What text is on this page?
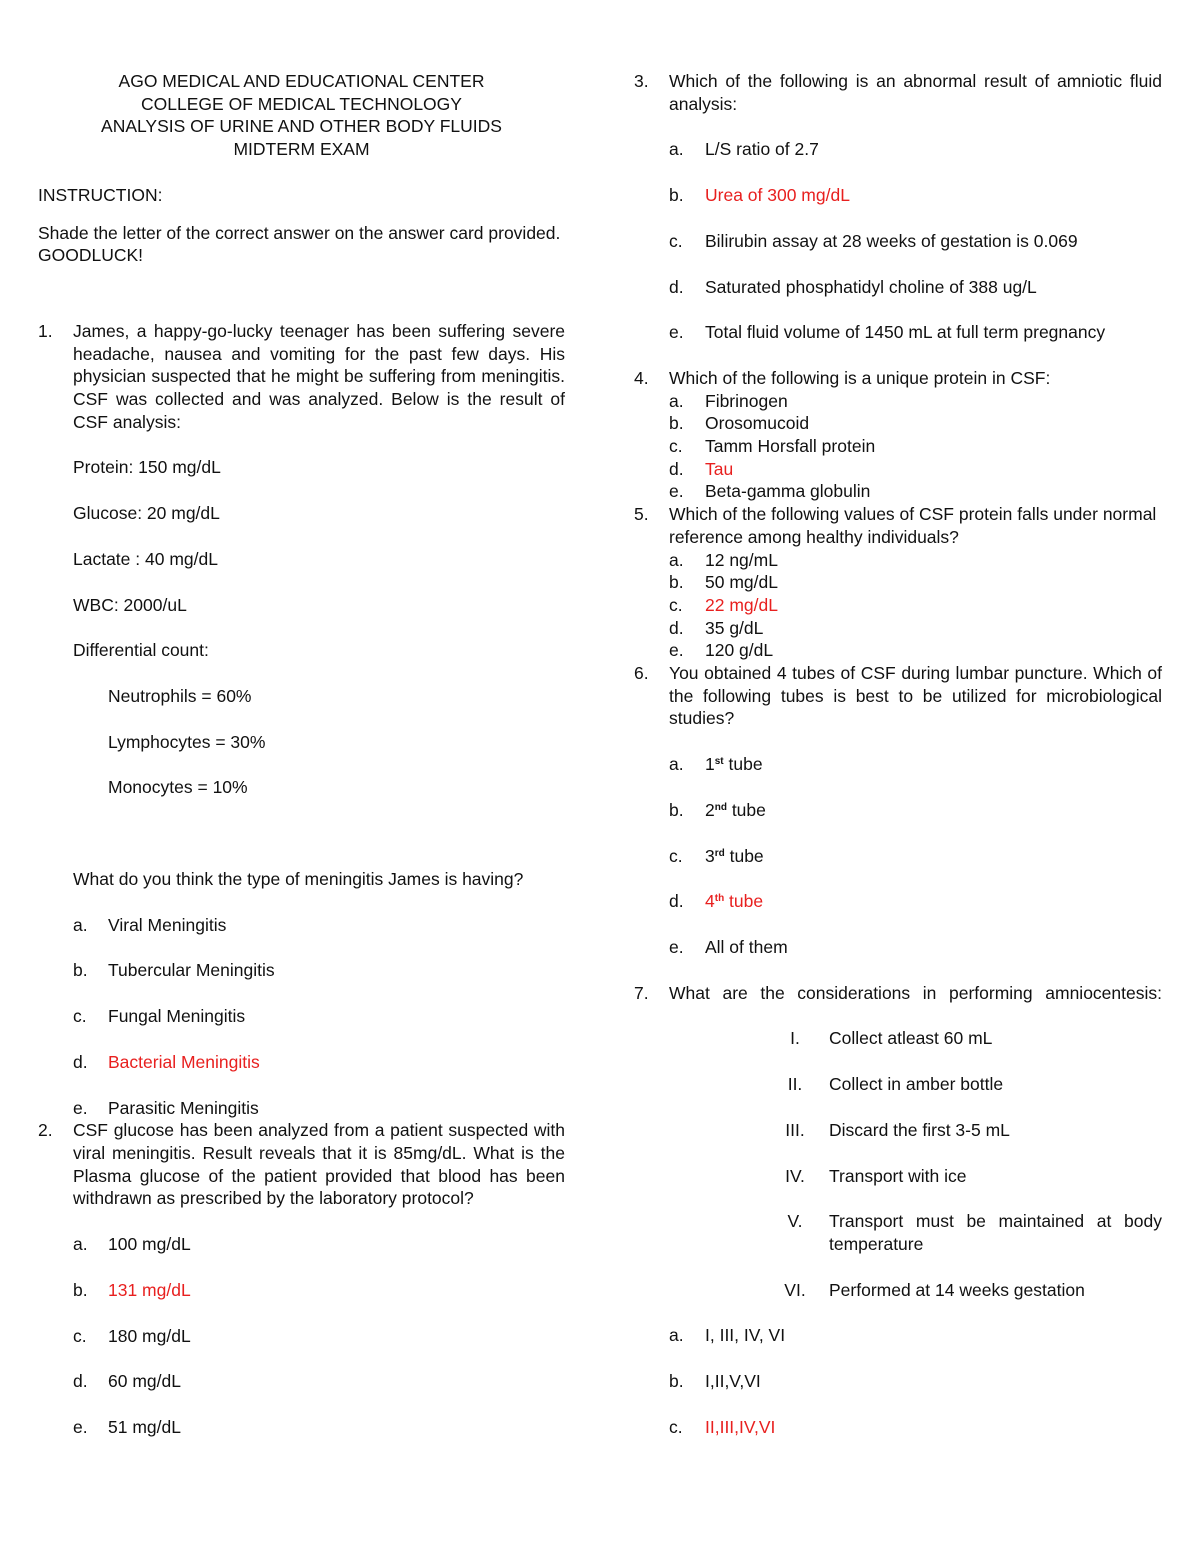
AGO MEDICAL AND EDUCATIONAL CENTER
COLLEGE OF MEDICAL TECHNOLOGY
ANALYSIS OF URINE AND OTHER BODY FLUIDS
MIDTERM EXAM
INSTRUCTION:
Shade the letter of the correct answer on the answer card provided. GOODLUCK!
1. James, a happy-go-lucky teenager has been suffering severe headache, nausea and vomiting for the past few days. His physician suspected that he might be suffering from meningitis. CSF was collected and was analyzed. Below is the result of CSF analysis:
Protein: 150 mg/dL
Glucose: 20 mg/dL
Lactate : 40 mg/dL
WBC: 2000/uL
Differential count:
Neutrophils = 60%
Lymphocytes = 30%
Monocytes = 10%
What do you think the type of meningitis James is having?
a. Viral Meningitis
b. Tubercular Meningitis
c. Fungal Meningitis
d. Bacterial Meningitis
e. Parasitic Meningitis
2. CSF glucose has been analyzed from a patient suspected with viral meningitis. Result reveals that it is 85mg/dL. What is the Plasma glucose of the patient provided that blood has been withdrawn as prescribed by the laboratory protocol?
a. 100 mg/dL
b. 131 mg/dL
c. 180 mg/dL
d. 60 mg/dL
e. 51 mg/dL
3. Which of the following is an abnormal result of amniotic fluid analysis:
a. L/S ratio of 2.7
b. Urea of 300 mg/dL
c. Bilirubin assay at 28 weeks of gestation is 0.069
d. Saturated phosphatidyl choline of 388 ug/L
e. Total fluid volume of 1450 mL at full term pregnancy
4. Which of the following is a unique protein in CSF:
a. Fibrinogen
b. Orosomucoid
c. Tamm Horsfall protein
d. Tau
e. Beta-gamma globulin
5. Which of the following values of CSF protein falls under normal reference among healthy individuals?
a. 12 ng/mL
b. 50 mg/dL
c. 22 mg/dL
d. 35 g/dL
e. 120 g/dL
6. You obtained 4 tubes of CSF during lumbar puncture. Which of the following tubes is best to be utilized for microbiological studies?
a. 1st tube
b. 2nd tube
c. 3rd tube
d. 4th tube
e. All of them
7. What are the considerations in performing amniocentesis:
I.	Collect atleast 60 mL
II.	Collect in amber bottle
III.	Discard the first 3-5 mL
IV.	Transport with ice
V.	Transport must be maintained at body temperature
VI.	Performed at 14 weeks gestation
a. I, III, IV, VI
b. I,II,V,VI
c. II,III,IV,VI
